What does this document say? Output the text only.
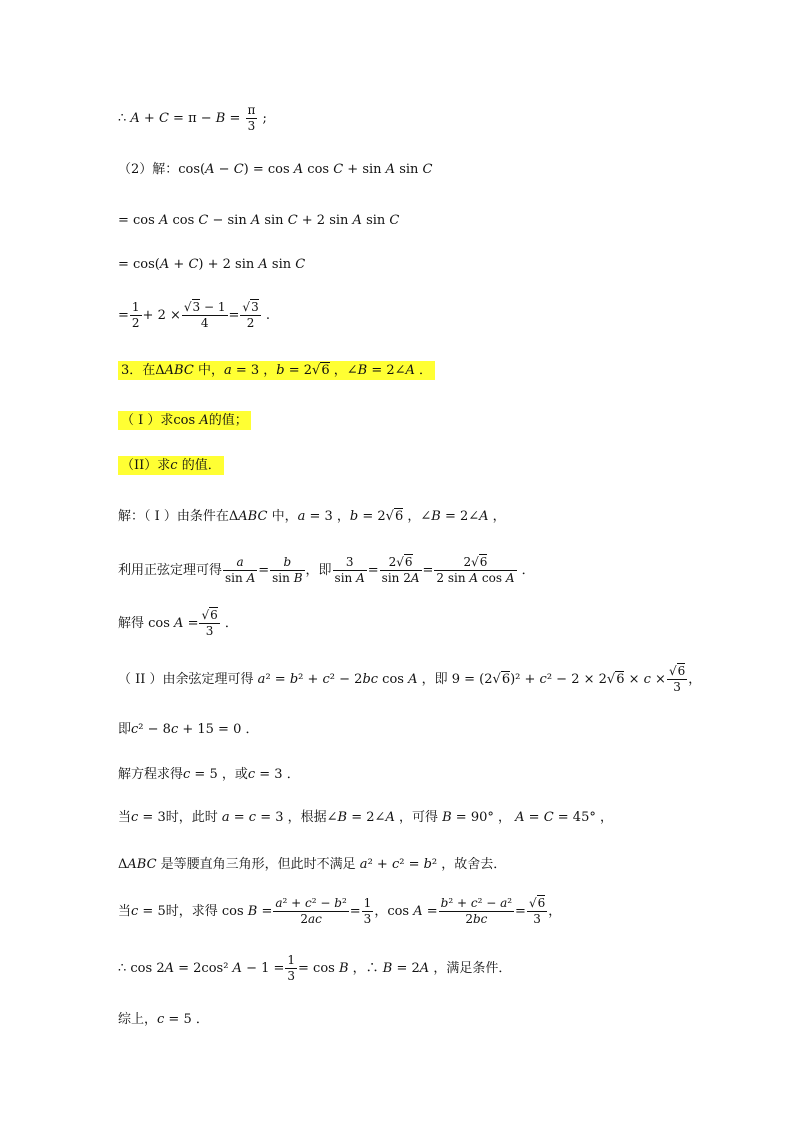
∴ $A + C = \pi - B = \frac{\pi}{3}$ ;
（2）解：cos(A − C) = cos A cos C + sin A sin C
= cos A cos C − sin A sin C + 2 sin A sin C
= cos(A + C) + 2 sin A sin C
= $\frac{1}{2} + 2 \times \frac{√3 - 1}{4} = \frac{√3}{2}$ .
3．在ΔABC 中，a = 3 ，b = 2√6 ，∠B = 2∠A ．
（ I ）求cos A的值；
（II）求c 的值．
解：（ I ）由条件在ΔABC 中，a = 3 ，b = 2√6 ，∠B = 2∠A ，
利用正弦定理可得 $\frac{a}{\text{sin A}} = \frac{b}{\text{sin B}}$ ，即 $\frac{3}{\text{sin A}} = \frac{2√6}{\sin 2A} = \frac{2√6}{\text{2 sin A cos A}}$ ．
解得 $\cos A = \frac{√6}{3}$ ．
（ II ）由余弦定理可得 a² = b² + c² − 2bc cos A ，即 $9 = (2√6)^2 + c^2 - 2 \times 2√6 \times c \times \frac{√6}{3}$ ，
即c² − 8c + 15 = 0 ．
解方程求得c = 5 ，或c = 3 ．
当c = 3时，此时 a = c = 3 ，根据∠B = 2∠A ，可得 B = 90° ， A = C = 45° ，
ΔABC 是等腰直角三角形，但此时不满足 a² + c² = b² ，故舍去．
当c = 5时，求得 $\cos B = \frac{\text{a² + c² − b²}}{2ac} = \frac{1}{3}$ ，$\cos A = \frac{\text{b² + c² − a²}}{2bc} = \frac{√6}{3}$ ，
∴ cos 2A = 2cos² $A - 1 = \frac{1}{3} = \cos B$ ，∴ B = 2A ，满足条件．
综上，c = 5 ．
